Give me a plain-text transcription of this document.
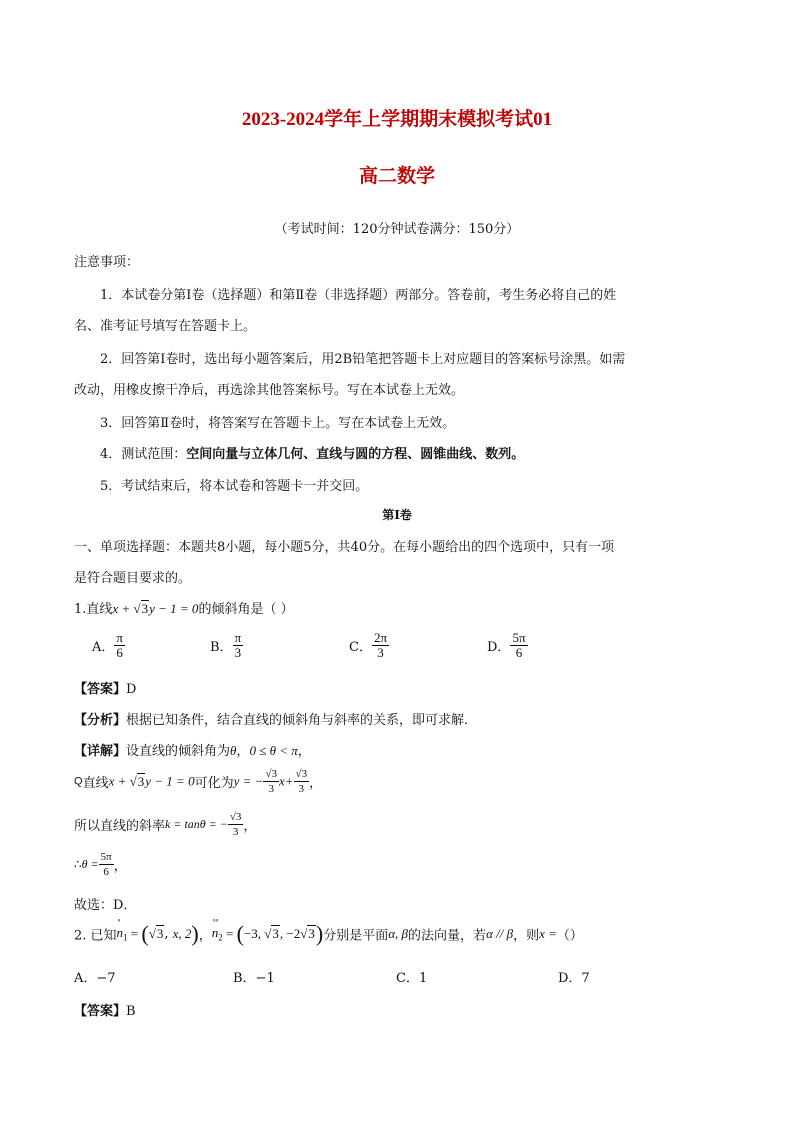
2023-2024学年上学期期末模拟考试01
高二数学
（考试时间：120分钟试卷满分：150分）
注意事项：
1．本试卷分第Ⅰ卷（选择题）和第Ⅱ卷（非选择题）两部分。答卷前，考生务必将自己的姓
名、准考证号填写在答题卡上。
2．回答第Ⅰ卷时，选出每小题答案后，用2B铅笔把答题卡上对应题目的答案标号涂黑。如需
改动，用橡皮擦干净后，再选涂其他答案标号。写在本试卷上无效。
3．回答第Ⅱ卷时，将答案写在答题卡上。写在本试卷上无效。
4．测试范围：空间向量与立体几何、直线与圆的方程、圆锥曲线、数列。
5．考试结束后，将本试卷和答题卡一并交回。
第Ⅰ卷
一、单项选择题：本题共8小题，每小题5分，共40分。在每小题给出的四个选项中，只有一项
是符合题目要求的。
1.直线x + √3y − 1 = 0的倾斜角是（ ）
A． $\frac{\pi}{6}$	B． $\frac{\pi}{3}$	C． $\frac{2\pi}{3}$	D． $\frac{5\pi}{6}$
【答案】D
【分析】根据已知条件，结合直线的倾斜角与斜率的关系，即可求解．
【详解】设直线的倾斜角为θ，0 ≤ θ < π，
Q直线x + √3y − 1 = 0可化为y = − $\frac{√3}{3} x+ \frac{√3}{3}$ ，
所以直线的斜率k = tanθ = − $\frac{√3}{3}$ ，
∴θ = $\frac{5\pi}{6}$ ，
故选：D．
2. 已知
ᵘ
$n_1 = (√3$, x, 2)，
ᵘᵘ
$n_2 = (-3$, √3, −2√3)分别是平面α, β的法向量，若α // β，则x =（）
A．−7	B．−1	C．1	D．7
【答案】B
